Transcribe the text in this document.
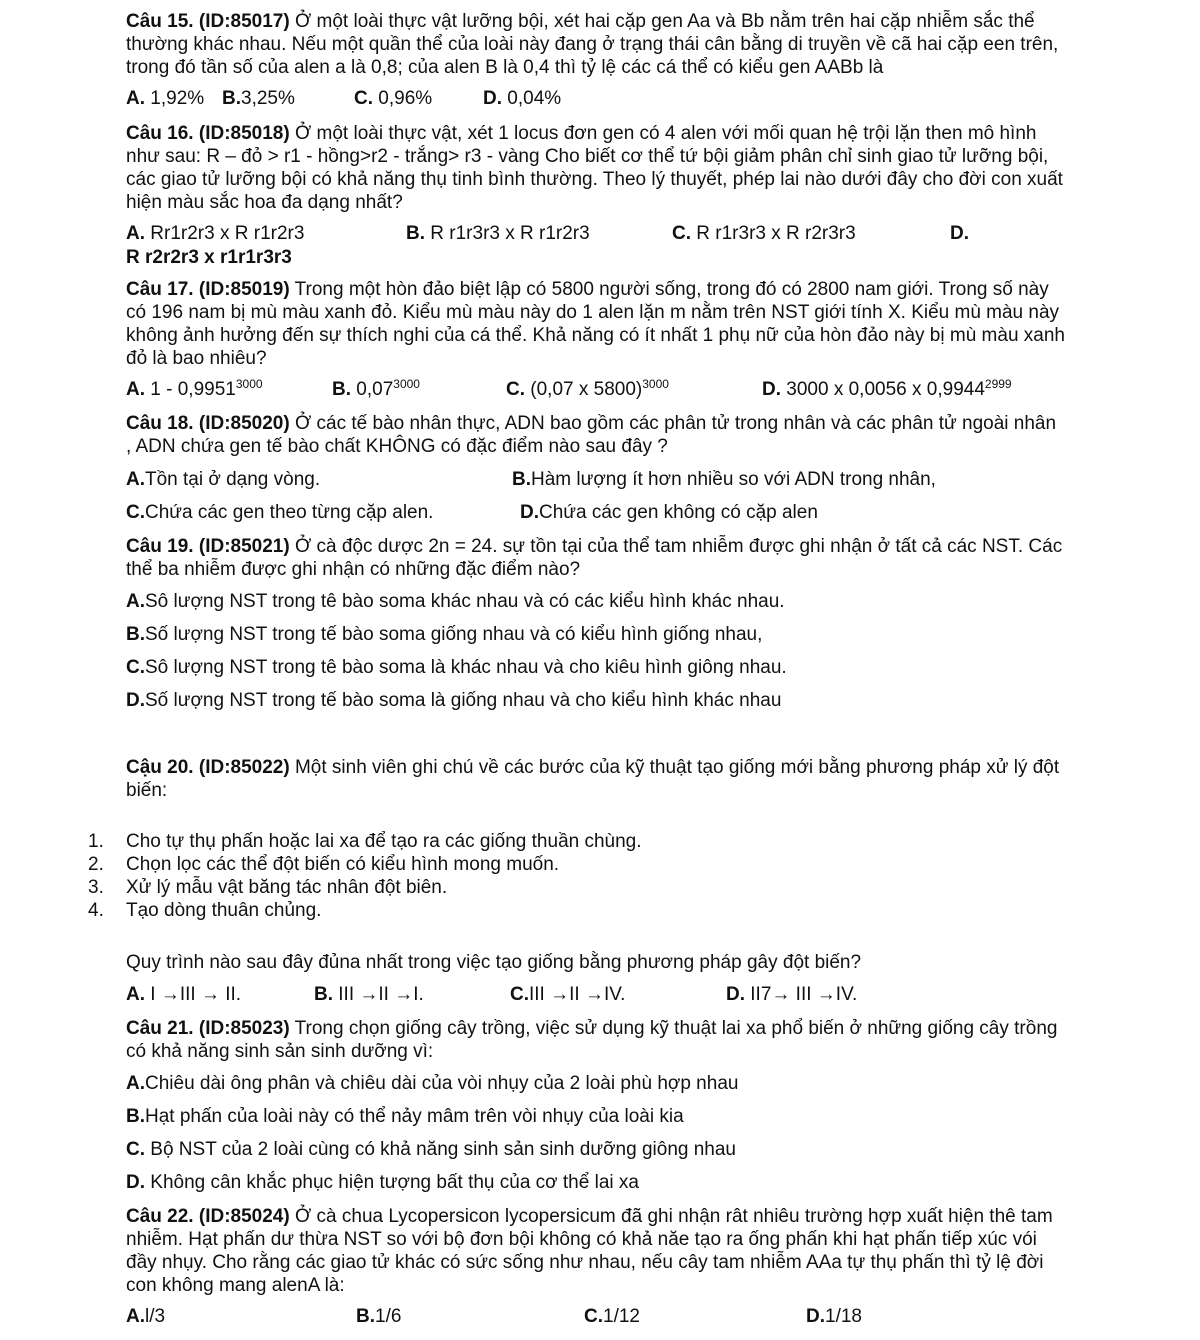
Câu 15. (ID:85017) Ở một loài thực vật lưỡng bội, xét hai cặp gen Aa và Bb nằm trên hai cặp nhiễm sắc thể thường khác nhau. Nếu một quần thể của loài này đang ở trạng thái cân bằng di truyền về cã hai cặp een trên, trong đó tần số của alen a là 0,8; của alen B là 0,4 thì tỷ lệ các cá thể có kiểu gen AABb là
A. 1,92% B.3,25%	C. 0,96%	D. 0,04%
Câu 16. (ID:85018) Ở một loài thực vật, xét 1 locus đơn gen có 4 alen với mối quan hệ trội lặn then mô hình như sau: R – đỏ > r1 - hồng>r2 - trắng> r3 - vàng Cho biết cơ thể tứ bội giảm phân chỉ sinh giao tử lưỡng bội, các giao tử lưỡng bội có khả năng thụ tinh bình thường. Theo lý thuyết, phép lai nào dưới đây cho đời con xuất hiện màu sắc hoa đa dạng nhất?
A. Rr1r2r3 x R r1r2r3	B. R r1r3r3 x R r1r2r3	C. R r1r3r3 x R r2r3r3	D.
R r2r2r3 x r1r1r3r3
Câu 17. (ID:85019) Trong một hòn đảo biệt lập có 5800 người sống, trong đó có 2800 nam giới. Trong số này có 196 nam bị mù màu xanh đỏ. Kiểu mù màu này do 1 alen lặn m nằm trên NST giới tính X. Kiểu mù màu này không ảnh hưởng đến sự thích nghi của cá thể. Khả năng có ít nhất 1 phụ nữ của hòn đảo này bị mù màu xanh đỏ là bao nhiêu?
A. $1 - 0,9951^{3000}$	B. $0,07^{3000}$	C. (0,07 x 5800)$^{3000}$	D. 3000 x 0,0056 x $0,9944^{2999}$
Câu 18. (ID:85020) Ở các tế bào nhân thực, ADN bao gồm các phân tử trong nhân và các phân tử ngoài nhân , ADN chứa gen tế bào chất KHÔNG có đặc điểm nào sau đây ?
A.Tồn tại ở dạng vòng.	B.Hàm lượng ít hơn nhiều so với ADN trong nhân,
C.Chứa các gen theo từng cặp alen.	D.Chứa các gen không có cặp alen
Câu 19. (ID:85021) Ở cà độc dược 2n = 24. sự tồn tại của thể tam nhiễm được ghi nhận ở tất cả các NST. Các thể ba nhiễm được ghi nhận có những đặc điểm nào?
A.Sô lượng NST trong tê bào soma khác nhau và có các kiểu hình khác nhau.
B.Số lượng NST trong tế bào soma giống nhau và có kiểu hình giống nhau,
C.Sô lượng NST trong tê bào soma là khác nhau và cho kiêu hình giông nhau.
D.Số lượng NST trong tế bào soma là giống nhau và cho kiểu hình khác nhau
Cậu 20. (ID:85022) Một sinh viên ghi chú về các bước của kỹ thuật tạo giống mới bằng phương pháp xử lý đột biến:
1.	Cho tự thụ phấn hoặc lai xa để tạo ra các giống thuần chùng.
2.	Chọn lọc các thể đột biến có kiểu hình mong muốn.
3.	Xử lý mẫu vật băng tác nhân đột biên.
4.	Tạo dòng thuân chủng.
Quy trình nào sau đây đủna nhất trong việc tạo giống bằng phương pháp gây đột biến?
A. I →III → II.	B. III →II →I.	C.III →II →IV.	D. II7→ III →IV.
Câu 21. (ID:85023) Trong chọn giống cây trồng, việc sử dụng kỹ thuật lai xa phổ biến ở những giống cây trồng có khả năng sinh sản sinh dưỡng vì:
A.Chiêu dài ông phân và chiêu dài của vòi nhụy của 2 loài phù hợp nhau
B.Hạt phấn của loài này có thể nảy mâm trên vòi nhụy của loài kia
C. Bộ NST của 2 loài cùng có khả năng sinh sản sinh dưỡng giông nhau
D. Không cân khắc phục hiện tượng bất thụ của cơ thể lai xa
Câu 22. (ID:85024) Ở cà chua Lycopersicon lycopersicum đã ghi nhận rât nhiêu trường hợp xuất hiện thê tam nhiễm. Hạt phấn dư thừa NST so với bộ đơn bội không có khả năe tạo ra ống phấn khi hạt phấn tiếp xúc vói đầy nhụy. Cho rằng các giao tử khác có sức sống như nhau, nếu cây tam nhiễm AAa tự thụ phấn thì tỷ lệ đời con không mang alenA là:
A.l/3	B.1/6	C.1/12	D.1/18
